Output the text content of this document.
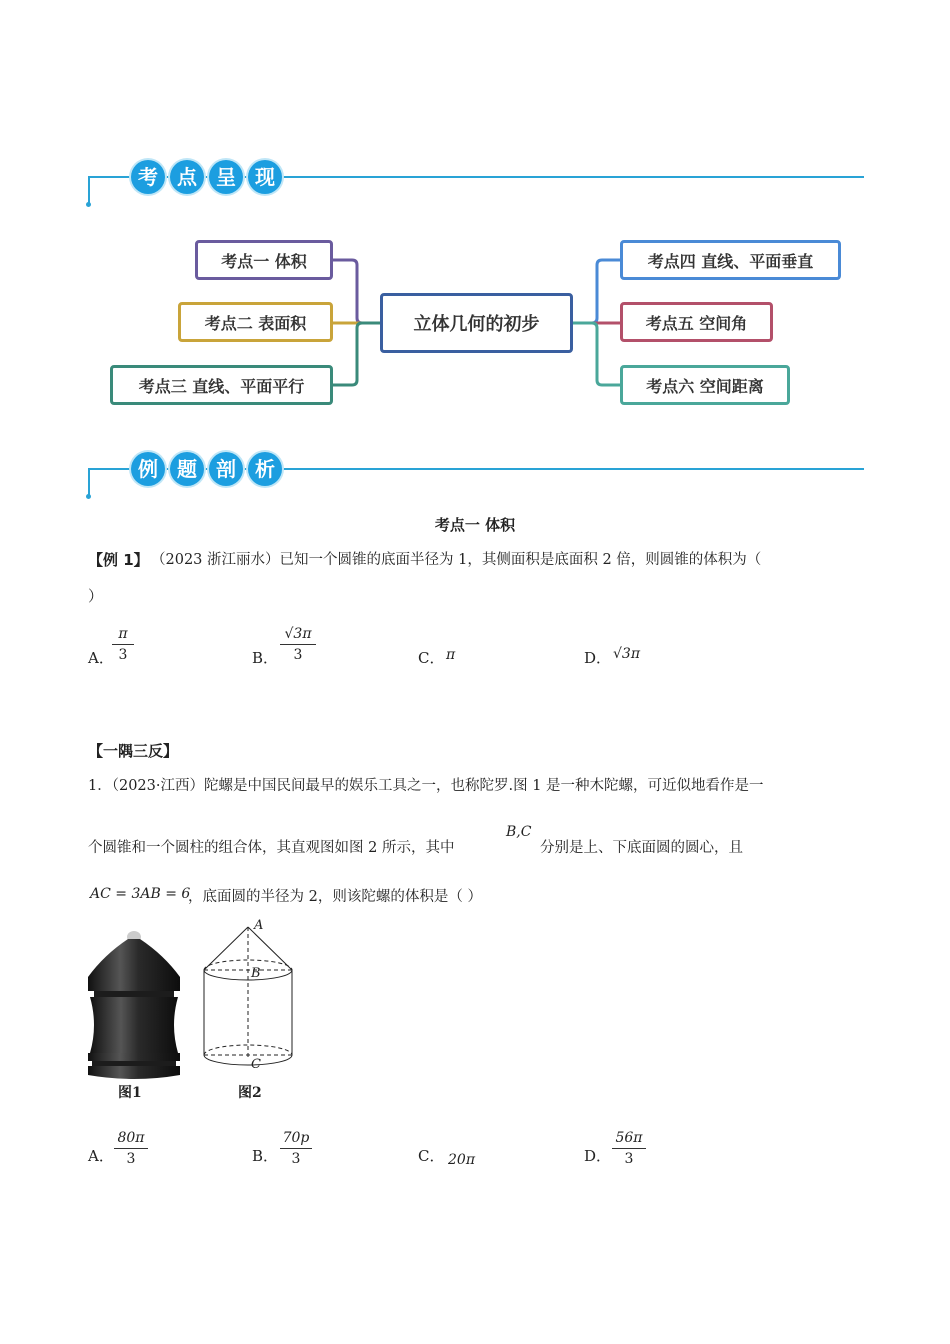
考 点 呈 现
立体几何的初步
考点一 体积
考点二 表面积
考点三 直线、平面平行
考点四 直线、平面垂直
考点五 空间角
考点六 空间距离
例 题 剖 析
考点一 体积
【例 1】 （2023 浙江丽水）已知一个圆锥的底面半径为 1，其侧面积是底面积 2 倍，则圆锥的体积为（
）
A．
π
3	B．
√3π
3	C． π	D． √3π
【一隅三反】
1．（2023·江西）陀螺是中国民间最早的娱乐工具之一，也称陀罗.图 1 是一种木陀螺，可近似地看作是一
个圆锥和一个圆柱的组合体，其直观图如图 2 所示，其中
B,C
分别是上、下底面圆的圆心，且
AC = 3AB = 6
，底面圆的半径为 2，则该陀螺的体积是（ ）
图1
A
B
C
图2
A．
80π
3	B．
70p
3	C． 20π	D．
56π
3
